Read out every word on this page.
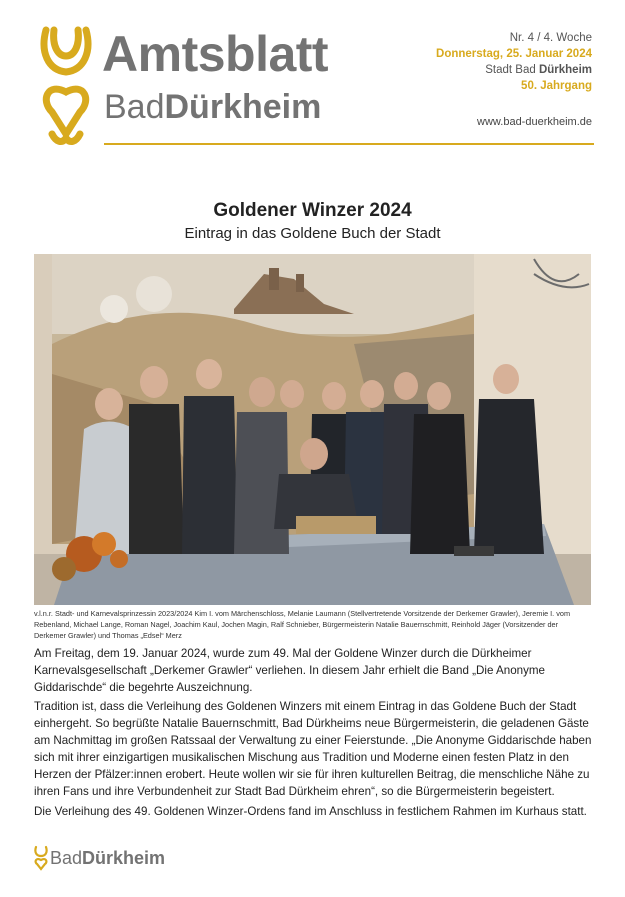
Amtsblatt
BadDürkheim
Nr. 4 / 4. Woche
Donnerstag, 25. Januar 2024
Stadt Bad Dürkheim
50. Jahrgang
www.bad-duerkheim.de
Goldener Winzer 2024
Eintrag in das Goldene Buch der Stadt
v.l.n.r. Stadt- und Karnevalsprinzessin 2023/2024 Kim I. vom Märchenschloss, Melanie Laumann (Stellvertretende Vorsitzende der Derkemer Grawler), Jeremie I. vom Rebenland, Michael Lange, Roman Nagel, Joachim Kaul, Jochen Magin, Ralf Schnieber, Bürgermeisterin Natalie Bauernschmitt, Reinhold Jäger (Vorsitzender der Derkemer Grawler) und Thomas „Edsel“ Merz

Am Freitag, dem 19. Januar 2024, wurde zum 49. Mal der Goldene Winzer durch die Dürkheimer Karnevalsgesellschaft „Derkemer Grawler“ verliehen. In diesem Jahr erhielt die Band „Die Anonyme Giddarischde“ die begehrte Auszeichnung.

Tradition ist, dass die Verleihung des Goldenen Winzers mit einem Eintrag in das Goldene Buch der Stadt einhergeht. So begrüßte Natalie Bauernschmitt, Bad Dürkheims neue Bürgermeisterin, die geladenen Gäste am Nachmittag im großen Ratssaal der Verwaltung zu einer Feierstunde. „Die Anonyme Giddarischde haben sich mit ihrer einzigartigen musikalischen Mischung aus Tradition und Moderne einen festen Platz in den Herzen der Pfälzer:innen erobert. Heute wollen wir sie für ihren kulturellen Beitrag, die menschliche Nähe zu ihren Fans und ihre Verbundenheit zur Stadt Bad Dürkheim ehren“, so die Bürgermeisterin begeistert.

Die Verleihung des 49. Goldenen Winzer-Ordens fand im Anschluss in festlichem Rahmen im Kurhaus statt.

BadDürkheim
